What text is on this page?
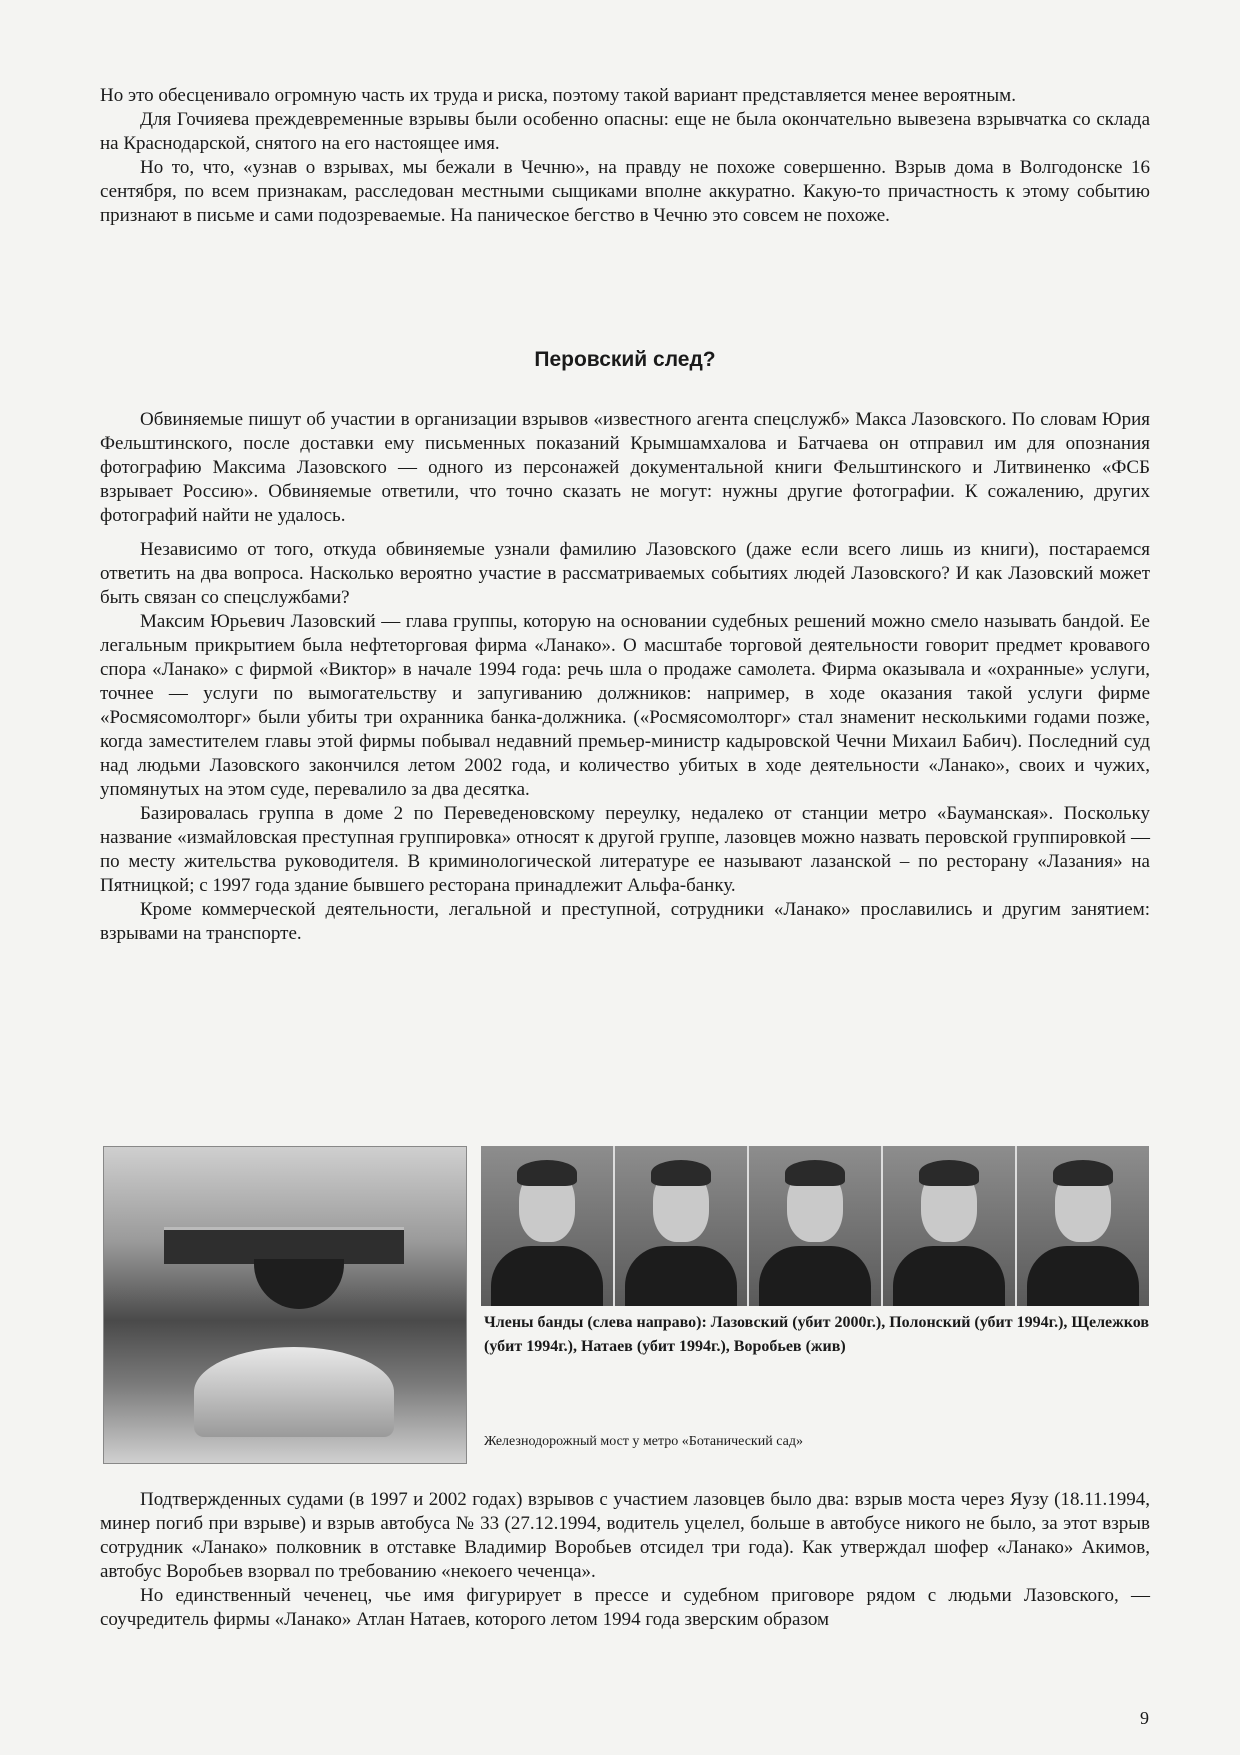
Но это обесценивало огромную часть их труда и риска, поэтому такой вариант представляется менее вероятным.

Для Гочияева преждевременные взрывы были особенно опасны: еще не была окончательно вывезена взрывчатка со склада на Краснодарской, снятого на его настоящее имя.

Но то, что, «узнав о взрывах, мы бежали в Чечню», на правду не похоже совершенно. Взрыв дома в Волгодонске 16 сентября, по всем признакам, расследован местными сыщиками вполне аккуратно. Какую-то причастность к этому событию признают в письме и сами подозреваемые. На паническое бегство в Чечню это совсем не похоже.

Перовский след?

Обвиняемые пишут об участии в организации взрывов «известного агента спецслужб» Макса Лазовского. По словам Юрия Фельштинского, после доставки ему письменных показаний Крымшамхалова и Батчаева он отправил им для опознания фотографию Максима Лазовского — одного из персонажей документальной книги Фельштинского и Литвиненко «ФСБ взрывает Россию». Обвиняемые ответили, что точно сказать не могут: нужны другие фотографии. К сожалению, других фотографий найти не удалось.

Независимо от того, откуда обвиняемые узнали фамилию Лазовского (даже если всего лишь из книги), постараемся ответить на два вопроса. Насколько вероятно участие в рассматриваемых событиях людей Лазовского? И как Лазовский может быть связан со спецслужбами?

Максим Юрьевич Лазовский — глава группы, которую на основании судебных решений можно смело называть бандой. Ее легальным прикрытием была нефтеторговая фирма «Ланако». О масштабе торговой деятельности говорит предмет кровавого спора «Ланако» с фирмой «Виктор» в начале 1994 года: речь шла о продаже самолета. Фирма оказывала и «охранные» услуги, точнее — услуги по вымогательству и запугиванию должников: например, в ходе оказания такой услуги фирме «Росмясомолторг» были убиты три охранника банка-должника. («Росмясомолторг» стал знаменит несколькими годами позже, когда заместителем главы этой фирмы побывал недавний премьер-министр кадыровской Чечни Михаил Бабич). Последний суд над людьми Лазовского закончился летом 2002 года, и количество убитых в ходе деятельности «Ланако», своих и чужих, упомянутых на этом суде, перевалило за два десятка.

Базировалась группа в доме 2 по Переведеновскому переулку, недалеко от станции метро «Бауманская». Поскольку название «измайловская преступная группировка» относят к другой группе, лазовцев можно назвать перовской группировкой — по месту жительства руководителя. В криминологической литературе ее называют лазанской – по ресторану «Лазания» на Пятницкой; с 1997 года здание бывшего ресторана принадлежит Альфа-банку.

Кроме коммерческой деятельности, легальной и преступной, сотрудники «Ланако» прославились и другим занятием: взрывами на транспорте.

Члены банды (слева направо): Лазовский (убит 2000г.), Полонский (убит 1994г.), Щележков (убит 1994г.), Натаев (убит 1994г.), Воробьев (жив)
Железнодорожный мост у метро «Ботанический сад»

Подтвержденных судами (в 1997 и 2002 годах) взрывов с участием лазовцев было два: взрыв моста через Яузу (18.11.1994, минер погиб при взрыве) и взрыв автобуса № 33 (27.12.1994, водитель уцелел, больше в автобусе никого не было, за этот взрыв сотрудник «Ланако» полковник в отставке Владимир Воробьев отсидел три года). Как утверждал шофер «Ланако» Акимов, автобус Воробьев взорвал по требованию «некоего чеченца».

Но единственный чеченец, чье имя фигурирует в прессе и судебном приговоре рядом с людьми Лазовского, — соучредитель фирмы «Ланако» Атлан Натаев, которого летом 1994 года зверским образом

9
